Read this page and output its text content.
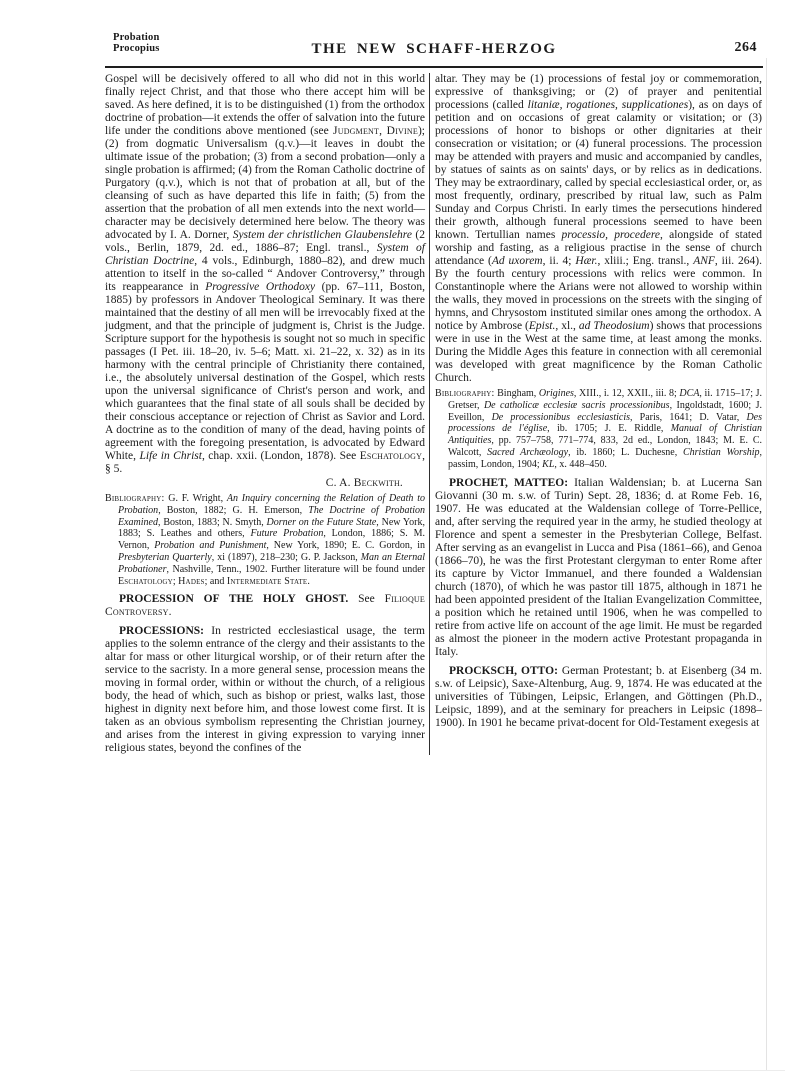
Probation
Procopius	THE NEW SCHAFF-HERZOG	264
Gospel will be decisively offered to all who did not in this world finally reject Christ, and that those who there accept him will be saved. As here defined, it is to be distinguished (1) from the orthodox doctrine of probation—it extends the offer of salvation into the future life under the conditions above mentioned (see Judgment, Divine); (2) from dogmatic Universalism (q.v.)—it leaves in doubt the ultimate issue of the probation; (3) from a second probation—only a single probation is affirmed; (4) from the Roman Catholic doctrine of Purgatory (q.v.), which is not that of probation at all, but of the cleansing of such as have departed this life in faith; (5) from the assertion that the probation of all men extends into the next world—character may be decisively determined here below. The theory was advocated by I. A. Dorner, System der christlichen Glaubenslehre (2 vols., Berlin, 1879, 2d. ed., 1886–87; Engl. transl., System of Christian Doctrine, 4 vols., Edinburgh, 1880–82), and drew much attention to itself in the so-called “ Andover Controversy,” through its reappearance in Progressive Orthodoxy (pp. 67–111, Boston, 1885) by professors in Andover Theological Seminary. It was there maintained that the destiny of all men will be irrevocably fixed at the judgment, and that the principle of judgment is, Christ is the Judge. Scripture support for the hypothesis is sought not so much in specific passages (I Pet. iii. 18–20, iv. 5–6; Matt. xi. 21–22, x. 32) as in its harmony with the central principle of Christianity there contained, i.e., the absolutely universal destination of the Gospel, which rests upon the universal significance of Christ's person and work, and which guarantees that the final state of all souls shall be decided by their conscious acceptance or rejection of Christ as Savior and Lord. A doctrine as to the condition of many of the dead, having points of agreement with the foregoing presentation, is advocated by Edward White, Life in Christ, chap. xxii. (London, 1878). See Eschatology, § 5.
C. A. Beckwith.
Bibliography: G. F. Wright, An Inquiry concerning the Relation of Death to Probation, Boston, 1882; G. H. Emerson, The Doctrine of Probation Examined, Boston, 1883; N. Smyth, Dorner on the Future State, New York, 1883; S. Leathes and others, Future Probation, London, 1886; S. M. Vernon, Probation and Punishment, New York, 1890; E. C. Gordon, in Presbyterian Quarterly, xi (1897), 218–230; G. P. Jackson, Man an Eternal Probationer, Nashville, Tenn., 1902. Further literature will be found under Eschatology; Hades; and Intermediate State.
PROCESSION OF THE HOLY GHOST. See Filioque Controversy.
PROCESSIONS: In restricted ecclesiastical usage, the term applies to the solemn entrance of the clergy and their assistants to the altar for mass or other liturgical worship, or of their return after the service to the sacristy. In a more general sense, procession means the moving in formal order, within or without the church, of a religious body, the head of which, such as bishop or priest, walks last, those highest in dignity next before him, and those lowest come first. It is taken as an obvious symbolism representing the Christian journey, and arises from the interest in giving expression to varying inner religious states, beyond the confines of the
altar. They may be (1) processions of festal joy or commemoration, expressive of thanksgiving; or (2) of prayer and penitential processions (called litaniæ, rogationes, supplicationes), as on days of petition and on occasions of great calamity or visitation; or (3) processions of honor to bishops or other dignitaries at their consecration or visitation; or (4) funeral processions. The procession may be attended with prayers and music and accompanied by candles, by statues of saints as on saints' days, or by relics as in dedications. They may be extraordinary, called by special ecclesiastical order, or, as most frequently, ordinary, prescribed by ritual law, such as Palm Sunday and Corpus Christi. In early times the persecutions hindered their growth, although funeral processions seemed to have been known. Tertullian names processio, procedere, alongside of stated worship and fasting, as a religious practise in the sense of church attendance (Ad uxorem, ii. 4; Hær., xliii.; Eng. transl., ANF, iii. 264). By the fourth century processions with relics were common. In Constantinople where the Arians were not allowed to worship within the walls, they moved in processions on the streets with the singing of hymns, and Chrysostom instituted similar ones among the orthodox. A notice by Ambrose (Epist., xl., ad Theodosium) shows that processions were in use in the West at the same time, at least among the monks. During the Middle Ages this feature in connection with all ceremonial was developed with great magnificence by the Roman Catholic Church.
Bibliography: Bingham, Origines, XIII., i. 12, XXII., iii. 8; DCA, ii. 1715–17; J. Gretser, De catholicæ ecclesiæ sacris processionibus, Ingoldstadt, 1600; J. Eveillon, De processionibus ecclesiasticis, Paris, 1641; D. Vatar, Des processions de l'église, ib. 1705; J. E. Riddle, Manual of Christian Antiquities, pp. 757–758, 771–774, 833, 2d ed., London, 1843; M. E. C. Walcott, Sacred Archæology, ib. 1860; L. Duchesne, Christian Worship, passim, London, 1904; KL, x. 448–450.
PROCHET, MATTEO: Italian Waldensian; b. at Lucerna San Giovanni (30 m. s.w. of Turin) Sept. 28, 1836; d. at Rome Feb. 16, 1907. He was educated at the Waldensian college of Torre-Pellice, and, after serving the required year in the army, he studied theology at Florence and spent a semester in the Presbyterian College, Belfast. After serving as an evangelist in Lucca and Pisa (1861–66), and Genoa (1866–70), he was the first Protestant clergyman to enter Rome after its capture by Victor Immanuel, and there founded a Waldensian church (1870), of which he was pastor till 1875, although in 1871 he had been appointed president of the Italian Evangelization Committee, a position which he retained until 1906, when he was compelled to retire from active life on account of the age limit. He must be regarded as almost the pioneer in the modern active Protestant propaganda in Italy.
PROCKSCH, OTTO: German Protestant; b. at Eisenberg (34 m. s.w. of Leipsic), Saxe-Altenburg, Aug. 9, 1874. He was educated at the universities of Tübingen, Leipsic, Erlangen, and Göttingen (Ph.D., Leipsic, 1899), and at the seminary for preachers in Leipsic (1898–1900). In 1901 he became privat-docent for Old-Testament exegesis at
